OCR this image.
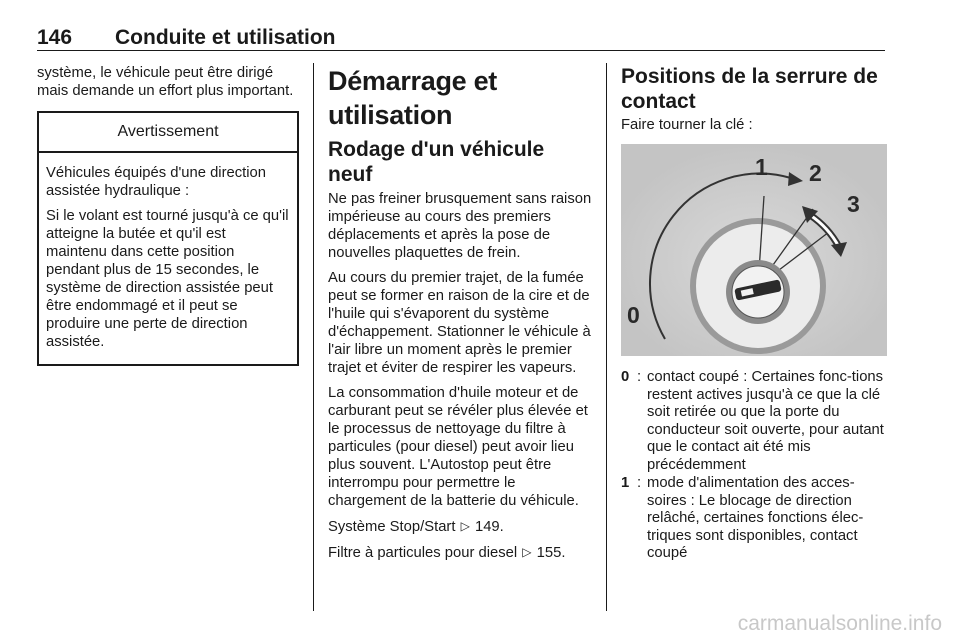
146 Conduite et utilisation

système, le véhicule peut être dirigé mais demande un effort plus important.

Avertissement

Véhicules équipés d'une direction assistée hydraulique :

Si le volant est tourné jusqu'à ce qu'il atteigne la butée et qu'il est maintenu dans cette position pendant plus de 15 secondes, le système de direction assistée peut être endommagé et il peut se produire une perte de direction assistée.

Démarrage et utilisation
Rodage d'un véhicule neuf

Ne pas freiner brusquement sans raison impérieuse au cours des premiers déplacements et après la pose de nouvelles plaquettes de frein.

Au cours du premier trajet, de la fumée peut se former en raison de la cire et de l'huile qui s'évaporent du système d'échappement. Stationner le véhicule à l'air libre un moment après le premier trajet et éviter de respirer les vapeurs.

La consommation d'huile moteur et de carburant peut se révéler plus élevée et le processus de nettoyage du filtre à particules (pour diesel) peut avoir lieu plus souvent. L'Autostop peut être interrompu pour permettre le chargement de la batterie du véhicule.

Système Stop/Start ▷ 149.

Filtre à particules pour diesel ▷ 155.

Positions de la serrure de contact

Faire tourner la clé :

0
1 2
3
0 : contact coupé : Certaines fonc-tions restent actives jusqu'à ce que la clé soit retirée ou que la porte du conducteur soit ouverte, pour autant que le contact ait été mis précédemment
1 : mode d'alimentation des acces-soires : Le blocage de direction relâché, certaines fonctions élec-triques sont disponibles, contact coupé
carmanualsonline.info
